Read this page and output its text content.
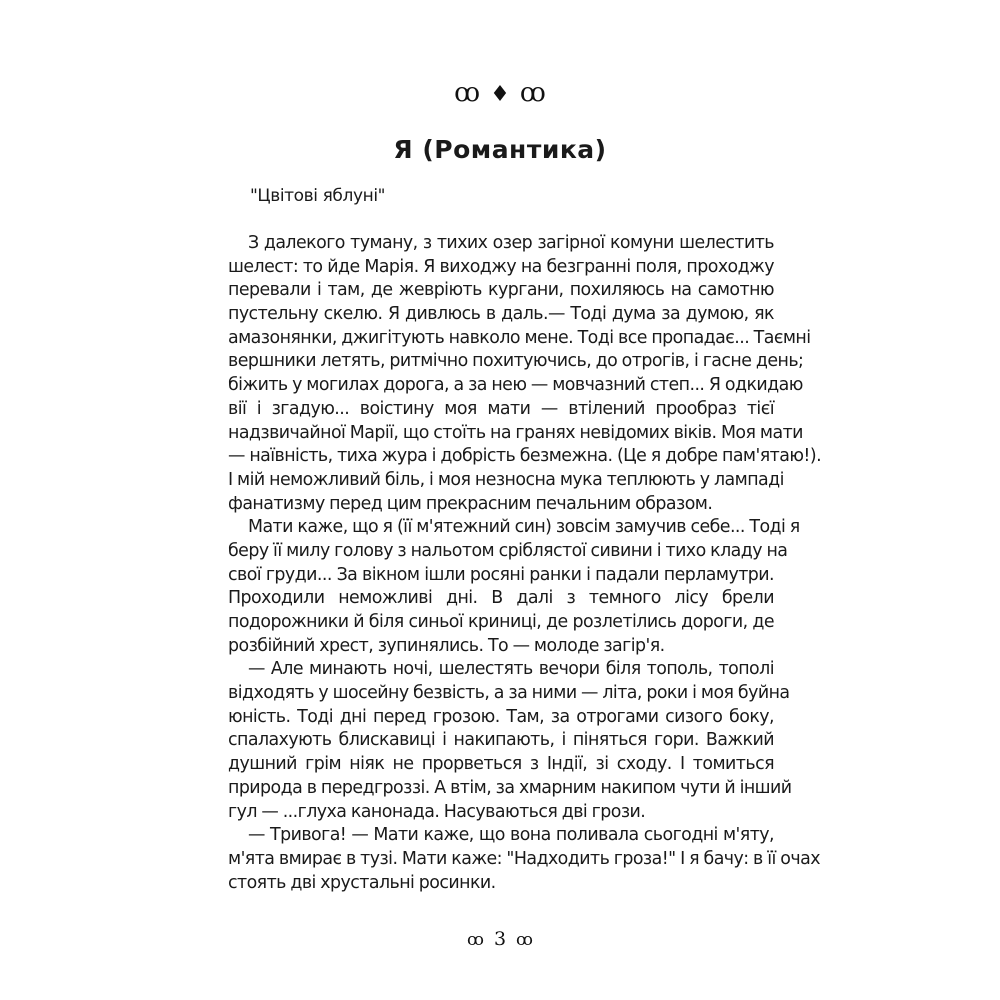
ꝏ ♦ ꝏ
Я (Романтика)
"Цвітові яблуні"
З далекого туману, з тихих озер загірної комуни шелестить
шелест: то йде Марія. Я виходжу на безгранні поля, проходжу
перевали і там, де жевріють кургани, похиляюсь на самотню
пустельну скелю. Я дивлюсь в даль.— Тоді дума за думою, як
амазонянки, джигітують навколо мене. Тоді все пропадає... Таємні
вершники летять, ритмічно похитуючись, до отрогів, і гасне день;
біжить у могилах дорога, а за нею — мовчазний степ... Я одкидаю
вії і згадую... воістину моя мати — втілений прообраз тієї
надзвичайної Марії, що стоїть на гранях невідомих віків. Моя мати
— наївність, тиха жура і добрість безмежна. (Це я добре пам'ятаю!).
І мій неможливий біль, і моя незносна мука теплюють у лампаді
фанатизму перед цим прекрасним печальним образом.
Мати каже, що я (її м'ятежний син) зовсім замучив себе... Тоді я
беру її милу голову з нальотом сріблястої сивини і тихо кладу на
свої груди... За вікном ішли росяні ранки і падали перламутри.
Проходили неможливі дні. В далі з темного лісу брели
подорожники й біля синьої криниці, де розлетілись дороги, де
розбійний хрест, зупинялись. То — молоде загір'я.
— Але минають ночі, шелестять вечори біля тополь, тополі
відходять у шосейну безвість, а за ними — літа, роки і моя буйна
юність. Тоді дні перед грозою. Там, за отрогами сизого боку,
спалахують блискавиці і накипають, і піняться гори. Важкий
душний грім ніяк не прорветься з Індії, зі сходу. І томиться
природа в передгроззі. А втім, за хмарним накипом чути й інший
гул — ...глуха канонада. Насуваються дві грози.
— Тривога! — Мати каже, що вона поливала сьогодні м'яту,
м'ята вмирає в тузі. Мати каже: "Надходить гроза!" І я бачу: в її очах
стоять дві хрустальні росинки.
ꝏ 3 ꝏ
